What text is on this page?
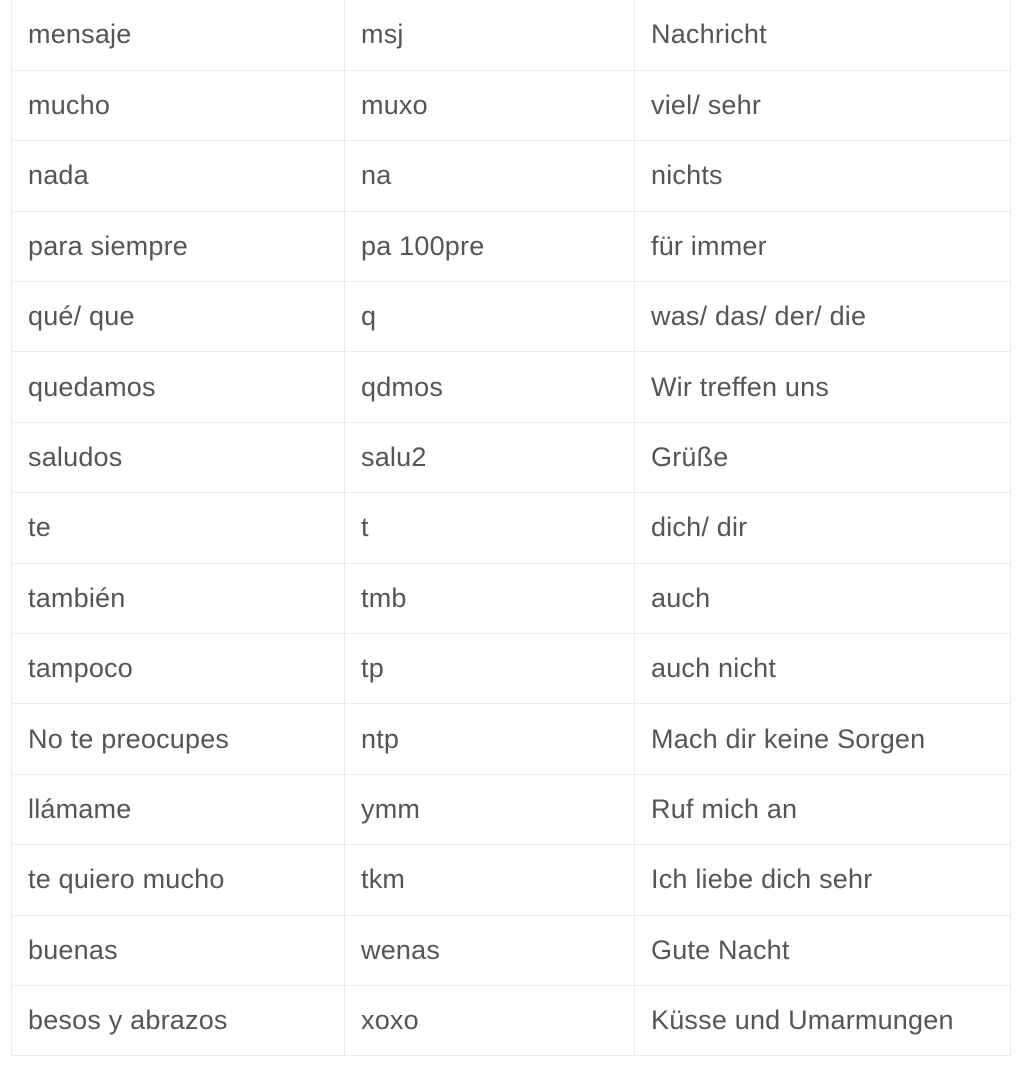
mensaje	msj	Nachricht
mucho	muxo	viel/ sehr
nada	na	nichts
para siempre	pa 100pre	für immer
qué/ que	q	was/ das/ der/ die
quedamos	qdmos	Wir treffen uns
saludos	salu2	Grüße
te	t	dich/ dir
también	tmb	auch
tampoco	tp	auch nicht
No te preocupes	ntp	Mach dir keine Sorgen
llámame	ymm	Ruf mich an
te quiero mucho	tkm	Ich liebe dich sehr
buenas	wenas	Gute Nacht
besos y abrazos	xoxo	Küsse und Umarmungen
